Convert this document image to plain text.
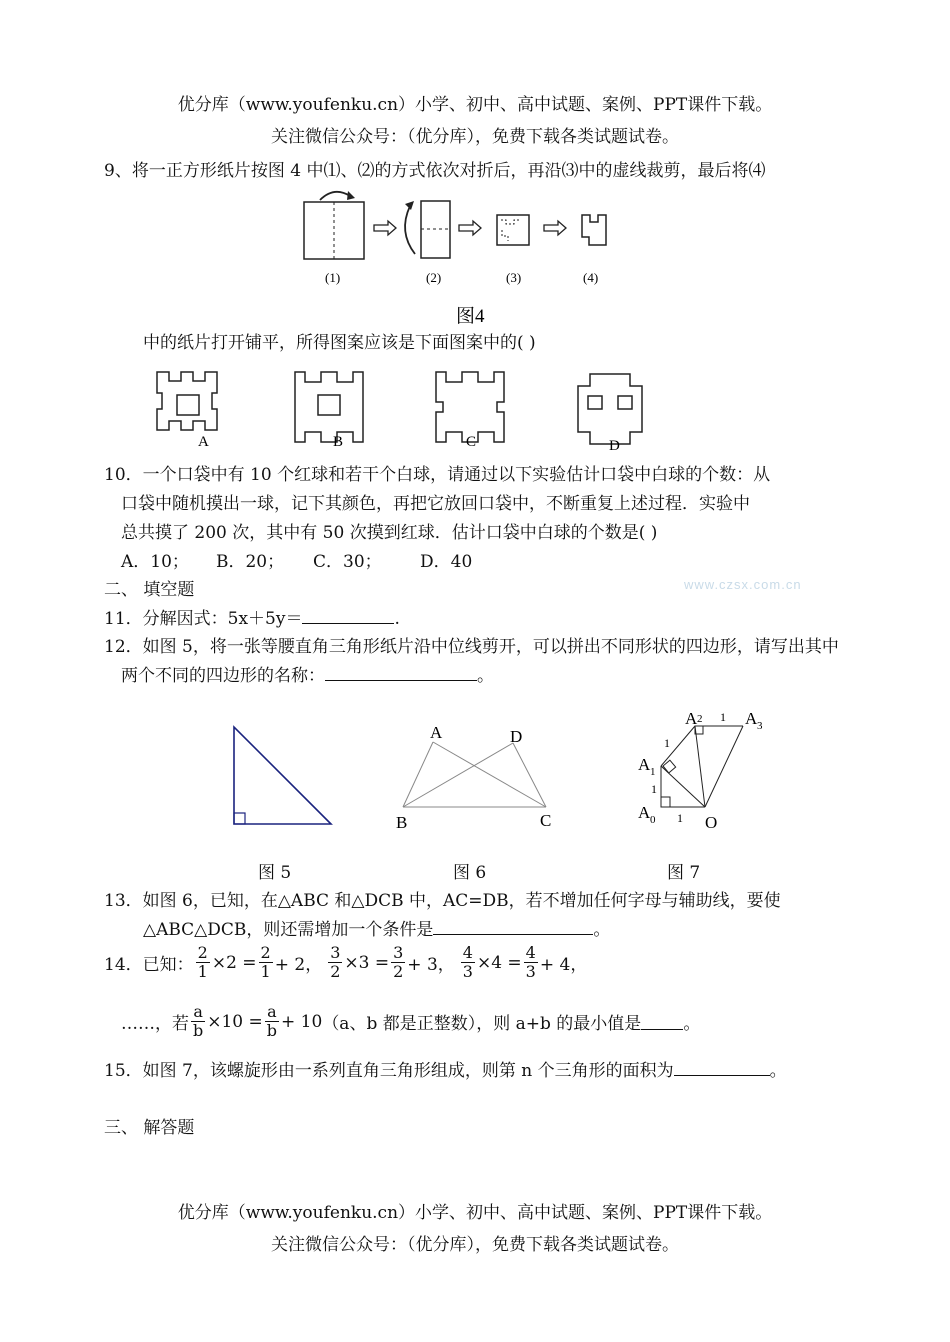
优分库（www.youfenku.cn）小学、初中、高中试题、案例、PPT课件下载。
关注微信公众号：（优分库），免费下载各类试题试卷。
9、将一正方形纸片按图 4 中⑴、⑵的方式依次对折后，再沿⑶中的虚线裁剪，最后将⑷
(1)	(2)	(3)	(4)
图4
中的纸片打开铺平，所得图案应该是下面图案中的( )
A	B	C	D
10．一个口袋中有 10 个红球和若干个白球，请通过以下实验估计口袋中白球的个数：从
口袋中随机摸出一球，记下其颜色，再把它放回口袋中，不断重复上述过程．实验中
总共摸了 200 次，其中有 50 次摸到红球．估计口袋中白球的个数是( )
A．10； B．20； C．30； D．40
www.czsx.com.cn
二、 填空题
11．分解因式：5x＋5y＝	.
12．如图 5，将一张等腰直角三角形纸片沿中位线剪开，可以拼出不同形状的四边形，请写出其中
两个不同的四边形的名称：	。
A	D
B	C
A 2 1 A 3
1
A 1
1
A 0 1 O
图 5	图 6	图 7
13．如图 6，已知，在△ABC 和△DCB 中，AC=DB，若不增加任何字母与辅助线，要使
△ABC△DCB，则还需增加一个条件是	。
14．已知： $\frac{2}{1} \times 2 = \frac{2}{1} + 2$， $\frac{3}{2} \times 3 = \frac{3}{2} + 3$， $\frac{4}{3} \times 4 = \frac{4}{3} + 4$，
……，若 $\frac{a}{b} \times 10 = \frac{a}{b} + 10$ （a、b 都是正整数），则 a+b 的最小值是 。
15．如图 7，该螺旋形由一系列直角三角形组成，则第 n 个三角形的面积为	。
三、 解答题
优分库（www.youfenku.cn）小学、初中、高中试题、案例、PPT课件下载。
关注微信公众号：（优分库），免费下载各类试题试卷。
